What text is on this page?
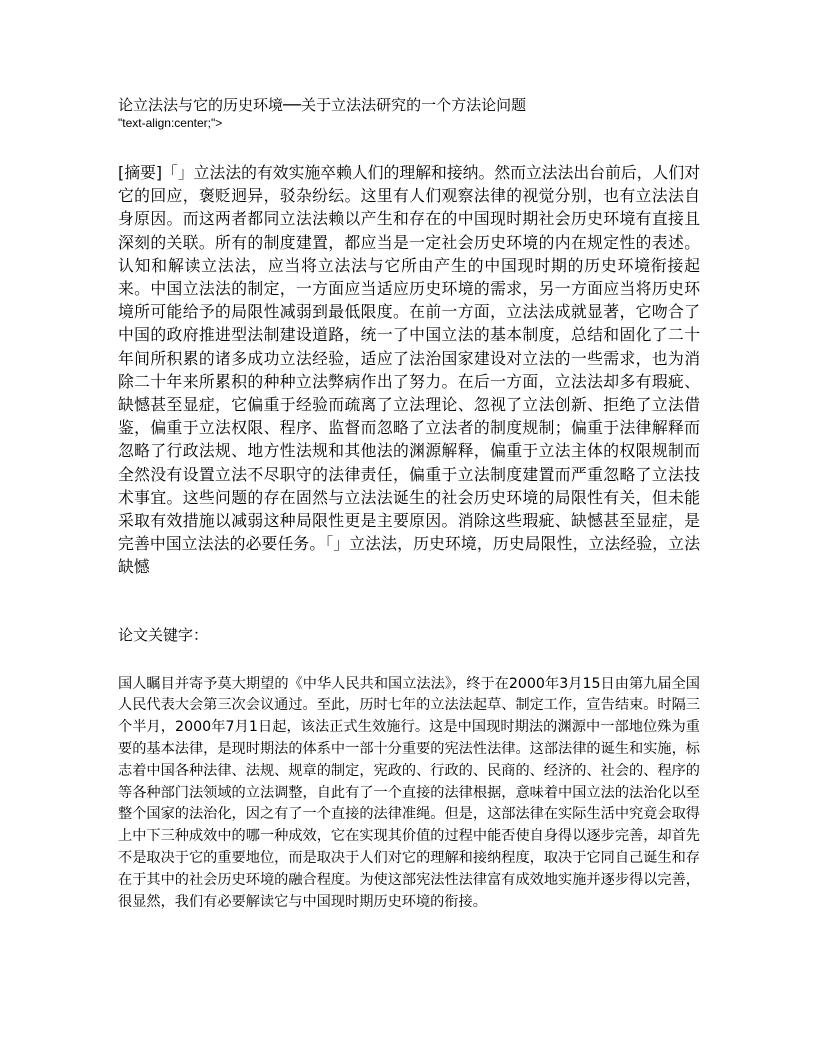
论立法法与它的历史环境──关于立法法研究的一个方法论问题

"text-align:center;">

[摘要]「」立法法的有效实施卒赖人们的理解和接纳。然而立法法出台前后，人们对它的回应，褒贬迥异，驳杂纷纭。这里有人们观察法律的视觉分别，也有立法法自身原因。而这两者都同立法法赖以产生和存在的中国现时期社会历史环境有直接且深刻的关联。所有的制度建置，都应当是一定社会历史环境的内在规定性的表述。认知和解读立法法，应当将立法法与它所由产生的中国现时期的历史环境衔接起来。中国立法法的制定，一方面应当适应历史环境的需求，另一方面应当将历史环境所可能给予的局限性减弱到最低限度。在前一方面，立法法成就显著，它吻合了中国的政府推进型法制建设道路，统一了中国立法的基本制度，总结和固化了二十年间所积累的诸多成功立法经验，适应了法治国家建设对立法的一些需求，也为消除二十年来所累积的种种立法弊病作出了努力。在后一方面，立法法却多有瑕疵、缺憾甚至显症，它偏重于经验而疏离了立法理论、忽视了立法创新、拒绝了立法借鉴，偏重于立法权限、程序、监督而忽略了立法者的制度规制；偏重于法律解释而忽略了行政法规、地方性法规和其他法的渊源解释，偏重于立法主体的权限规制而全然没有设置立法不尽职守的法律责任，偏重于立法制度建置而严重忽略了立法技术事宜。这些问题的存在固然与立法法诞生的社会历史环境的局限性有关，但未能采取有效措施以减弱这种局限性更是主要原因。消除这些瑕疵、缺憾甚至显症，是完善中国立法法的必要任务。「」立法法，历史环境，历史局限性，立法经验，立法缺憾

论文关键字：

国人瞩目并寄予莫大期望的《中华人民共和国立法法》，终于在2000年3月15日由第九届全国人民代表大会第三次会议通过。至此，历时七年的立法法起草、制定工作，宣告结束。时隔三个半月，2000年7月1日起，该法正式生效施行。这是中国现时期法的渊源中一部地位殊为重要的基本法律，是现时期法的体系中一部十分重要的宪法性法律。这部法律的诞生和实施，标志着中国各种法律、法规、规章的制定，宪政的、行政的、民商的、经济的、社会的、程序的等各种部门法领域的立法调整，自此有了一个直接的法律根据，意味着中国立法的法治化以至整个国家的法治化，因之有了一个直接的法律准绳。但是，这部法律在实际生活中究竟会取得上中下三种成效中的哪一种成效，它在实现其价值的过程中能否使自身得以逐步完善，却首先不是取决于它的重要地位，而是取决于人们对它的理解和接纳程度，取决于它同自己诞生和存在于其中的社会历史环境的融合程度。为使这部宪法性法律富有成效地实施并逐步得以完善，很显然，我们有必要解读它与中国现时期历史环境的衔接。
